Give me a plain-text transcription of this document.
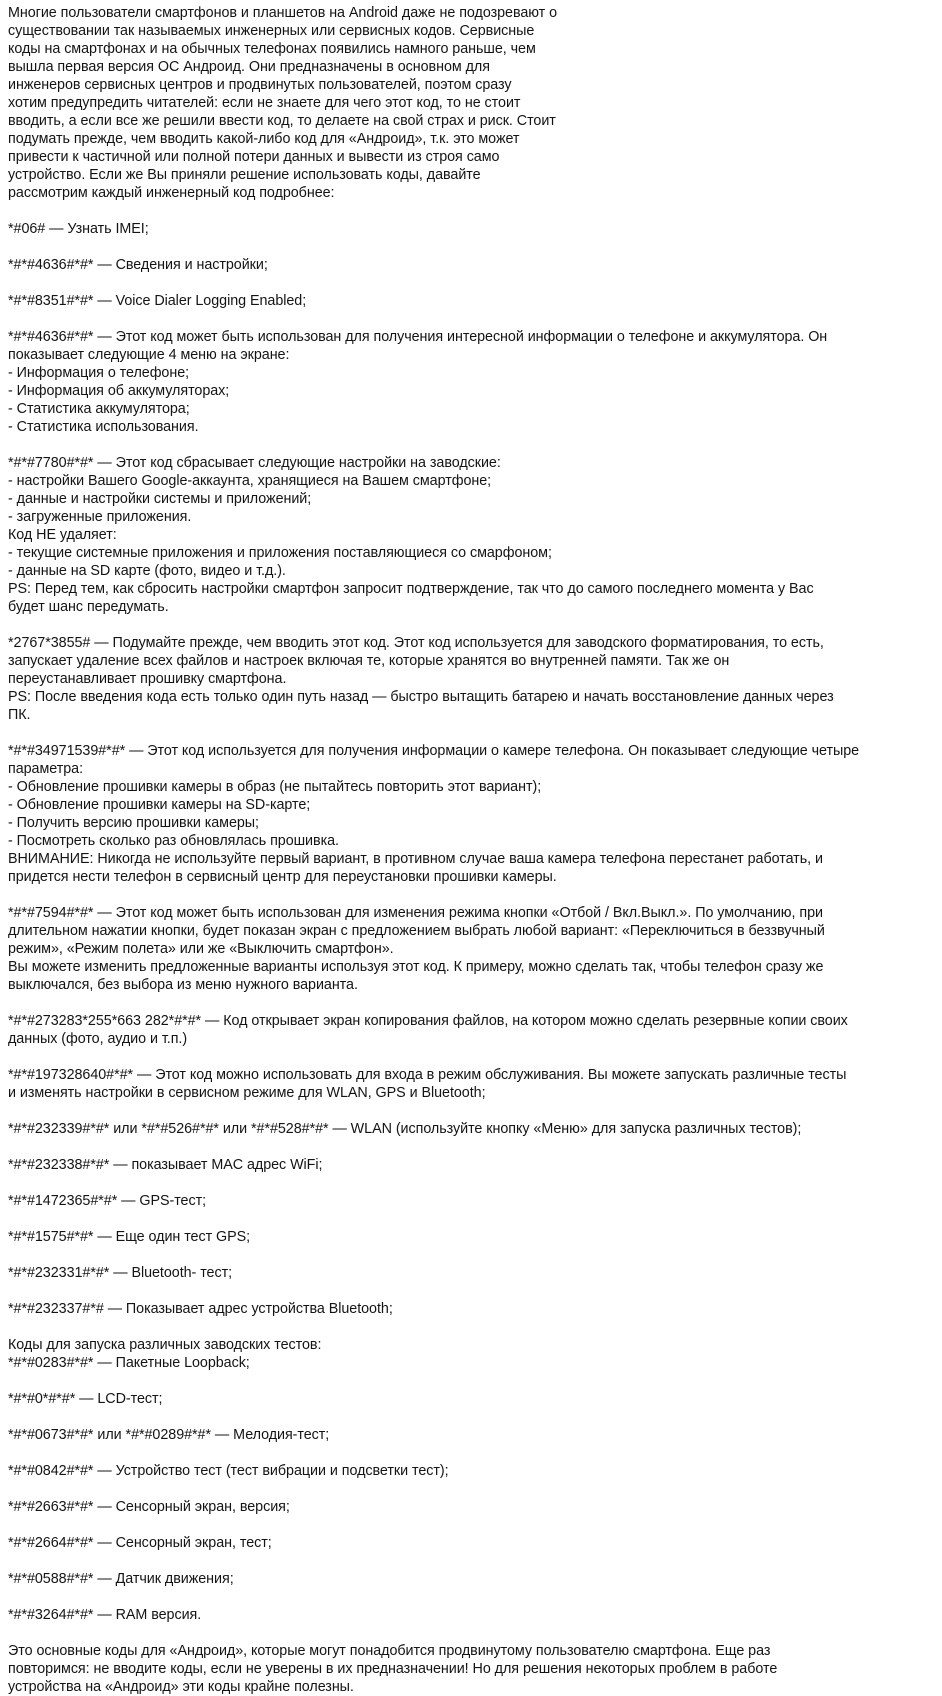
Многие пользователи смартфонов и планшетов на Android даже не подозревают о
существовании так называемых инженерных или сервисных кодов. Сервисные
коды на смартфонах и на обычных телефонах появились намного раньше, чем
вышла первая версия ОС Андроид. Они предназначены в основном для
инженеров сервисных центров и продвинутых пользователей, поэтом сразу
хотим предупредить читателей: если не знаете для чего этот код, то не стоит
вводить, а если все же решили ввести код, то делаете на свой страх и риск. Стоит
подумать прежде, чем вводить какой-либо код для «Андроид», т.к. это может
привести к частичной или полной потери данных и вывести из строя само
устройство. Если же Вы приняли решение использовать коды, давайте
рассмотрим каждый инженерный код подробнее:
*#06# — Узнать IMEI;
*#*#4636#*#* — Сведения и настройки;
*#*#8351#*#* — Voice Dialer Logging Enabled;
*#*#4636#*#* — Этот код может быть использован для получения интересной информации о телефоне и аккумулятора. Он
показывает следующие 4 меню на экране:
- Информация о телефоне;
- Информация об аккумуляторах;
- Статистика аккумулятора;
- Статистика использования.
*#*#7780#*#* — Этот код сбрасывает следующие настройки на заводские:
- настройки Вашего Google-аккаунта, хранящиеся на Вашем смартфоне;
- данные и настройки системы и приложений;
- загруженные приложения.
Код НЕ удаляет:
- текущие системные приложения и приложения поставляющиеся со смарфоном;
- данные на SD карте (фото, видео и т.д.).
PS: Перед тем, как сбросить настройки смартфон запросит подтверждение, так что до самого последнего момента у Вас
будет шанс передумать.
*2767*3855# — Подумайте прежде, чем вводить этот код. Этот код используется для заводского форматирования, то есть,
запускает удаление всех файлов и настроек включая те, которые хранятся во внутренней памяти. Так же он
переустанавливает прошивку смартфона.
PS: После введения кода есть только один путь назад — быстро вытащить батарею и начать восстановление данных через
ПК.
*#*#34971539#*#* — Этот код используется для получения информации о камере телефона. Он показывает следующие четыре
параметра:
- Обновление прошивки камеры в образ (не пытайтесь повторить этот вариант);
- Обновление прошивки камеры на SD-карте;
- Получить версию прошивки камеры;
- Посмотреть сколько раз обновлялась прошивка.
ВНИМАНИЕ: Никогда не используйте первый вариант, в противном случае ваша камера телефона перестанет работать, и
придется нести телефон в сервисный центр для переустановки прошивки камеры.
*#*#7594#*#* — Этот код может быть использован для изменения режима кнопки «Отбой / Вкл.Выкл.». По умолчанию, при
длительном нажатии кнопки, будет показан экран с предложением выбрать любой вариант: «Переключиться в беззвучный
режим», «Режим полета» или же «Выключить смартфон».
Вы можете изменить предложенные варианты используя этот код. К примеру, можно сделать так, чтобы телефон сразу же
выключался, без выбора из меню нужного варианта.
*#*#273283*255*663 282*#*#* — Код открывает экран копирования файлов, на котором можно сделать резервные копии своих
данных (фото, аудио и т.п.)
*#*#197328640#*#* — Этот код можно использовать для входа в режим обслуживания. Вы можете запускать различные тесты
и изменять настройки в сервисном режиме для WLAN, GPS и Bluetooth;
*#*#232339#*#* или *#*#526#*#* или *#*#528#*#* — WLAN (используйте кнопку «Меню» для запуска различных тестов);
*#*#232338#*#* — показывает MAC адрес WiFi;
*#*#1472365#*#* — GPS-тест;
*#*#1575#*#* — Еще один тест GPS;
*#*#232331#*#* — Bluetooth- тест;
*#*#232337#*# — Показывает адрес устройства Bluetooth;
Коды для запуска различных заводских тестов:
*#*#0283#*#* — Пакетные Loopback;
*#*#0*#*#* — LCD-тест;
*#*#0673#*#* или *#*#0289#*#* — Мелодия-тест;
*#*#0842#*#* — Устройство тест (тест вибрации и подсветки тест);
*#*#2663#*#* — Сенсорный экран, версия;
*#*#2664#*#* — Сенсорный экран, тест;
*#*#0588#*#* — Датчик движения;
*#*#3264#*#* — RAM версия.
Это основные коды для «Андроид», которые могут понадобится продвинутому пользователю смартфона. Еще раз
повторимся: не вводите коды, если не уверены в их предназначении! Но для решения некоторых проблем в работе
устройства на «Андроид» эти коды крайне полезны.
